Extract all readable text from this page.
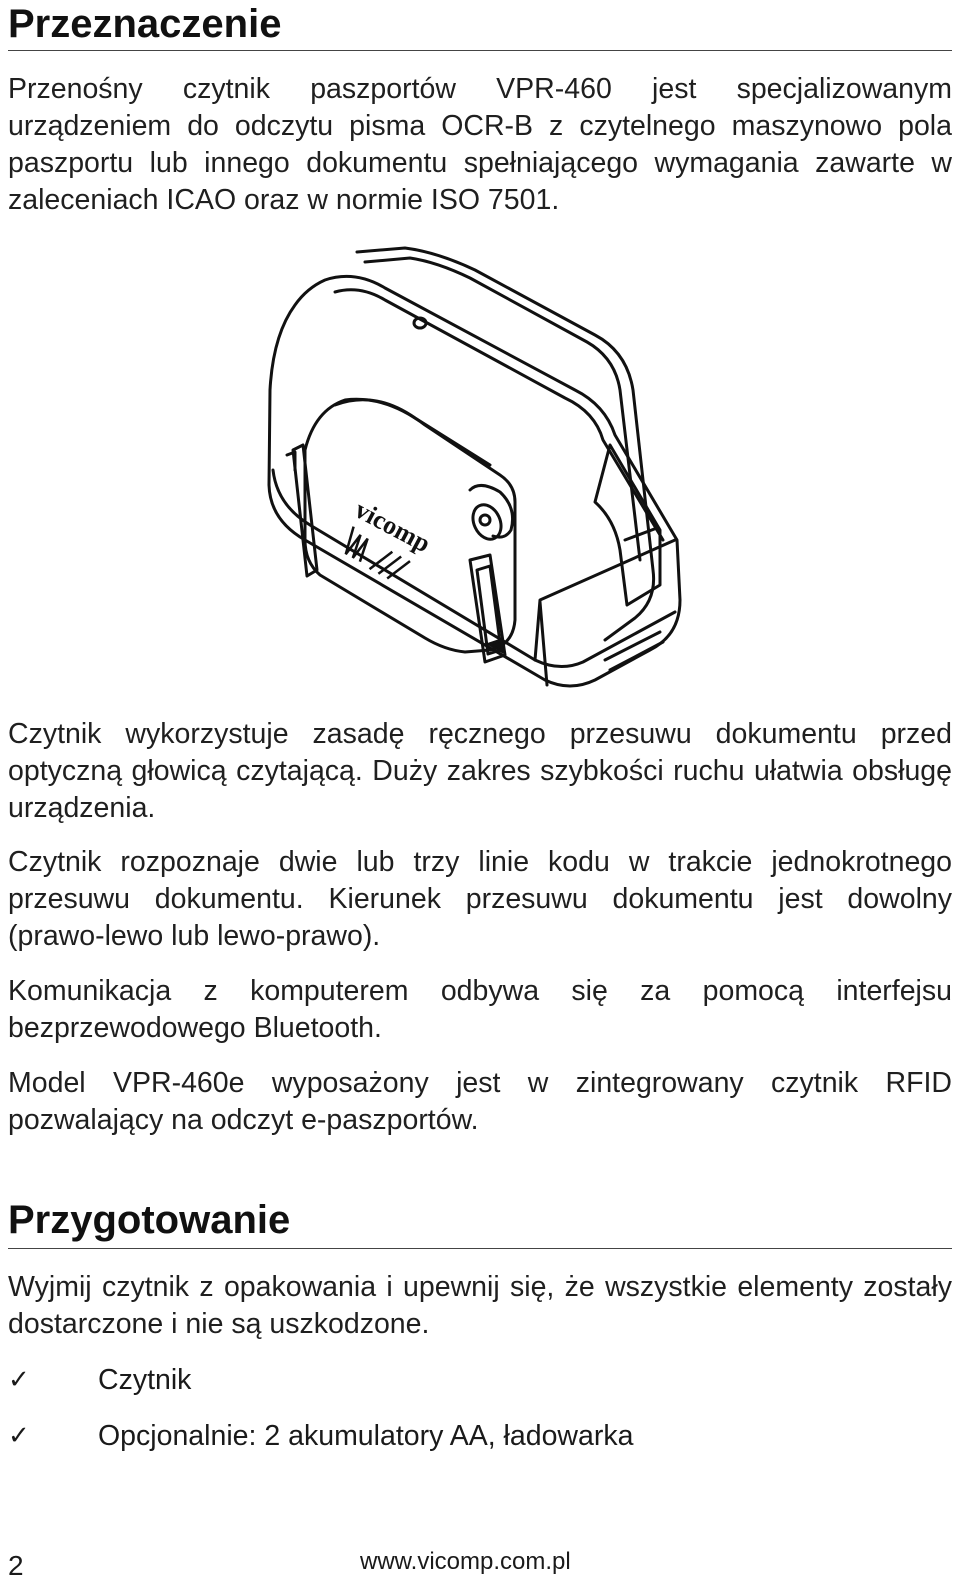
Przeznaczenie
Przenośny czytnik paszportów VPR-460 jest specjalizowanym urządzeniem do odczytu pisma OCR-B z czytelnego maszynowo pola paszportu lub innego dokumentu spełniającego wymagania zawarte w zaleceniach ICAO oraz w normie ISO 7501.
vicomp
Czytnik wykorzystuje zasadę ręcznego przesuwu dokumentu przed optyczną głowicą czytającą. Duży zakres szybkości ruchu ułatwia obsługę urządzenia.
Czytnik rozpoznaje dwie lub trzy linie kodu w trakcie jednokrotnego przesuwu dokumentu. Kierunek przesuwu dokumentu jest dowolny (prawo-lewo lub lewo-prawo).
Komunikacja z komputerem odbywa się za pomocą interfejsu bezprzewodowego Bluetooth.
Model VPR-460e wyposażony jest w zintegrowany czytnik RFID pozwalający na odczyt e-paszportów.
Przygotowanie
Wyjmij czytnik z opakowania i upewnij się, że wszystkie elementy zostały dostarczone i nie są uszkodzone.
✓ Czytnik
✓ Opcjonalnie: 2 akumulatory AA, ładowarka
2	www.vicomp.com.pl
